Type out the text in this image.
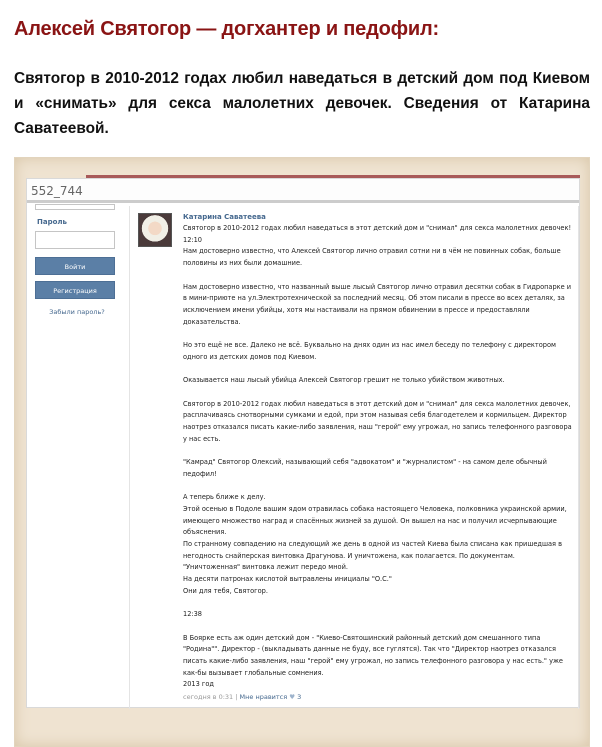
Алексей Святогор — догхантер и педофил:

Святогор в 2010-2012 годах любил наведаться в детский дом под Киевом и «снимать» для секса малолетних девочек. Сведения от Катарина Саватеевой.

552_744
Пароль
Войти
Регистрация
Забыли пароль?
Катарина Саватеева

Святогор в 2010-2012 годах любил наведаться в этот детский дом и "снимал" для секса малолетних девочек!
12:10
Нам достоверно известно, что Алексей Святогор лично отравил сотни ни в чём не повинных собак, больше половины из них были домашние.

Нам достоверно известно, что названный выше лысый Святогор лично отравил десятки собак в Гидропарке и в мини-приюте на ул.Электротехнической за последний месяц. Об этом писали в прессе во всех деталях, за исключением имени убийцы, хотя мы настаивали на прямом обвинении в прессе и предоставляли доказательства.

Но это ещё не все. Далеко не всё. Буквально на днях один из нас имел беседу по телефону с директором одного из детских домов под Киевом.

Оказывается наш лысый убийца Алексей Святогор грешит не только убийством животных.

Святогор в 2010-2012 годах любил наведаться в этот детский дом и "снимал" для секса малолетних девочек, расплачиваясь снотворными сумками и едой, при этом называя себя благодетелем и кормильцем. Директор наотрез отказался писать какие-либо заявления, наш "герой" ему угрожал, но запись телефонного разговора у нас есть.

"Камрад" Святогор Олексий, называющий себя "адвокатом" и "журналистом" - на самом деле обычный педофил!

А теперь ближе к делу.
Этой осенью в Подоле вашим ядом отравилась собака настоящего Человека, полковника украинской армии, имеющего множество наград и спасённых жизней за душой. Он вышел на нас и получил исчерпывающие объяснения.
По странному совпадению на следующий же день в одной из частей Киева была списана как пришедшая в негодность снайперская винтовка Драгунова. И уничтожена, как полагается. По документам.
"Уничтоженная" винтовка лежит передо мной.
На десяти патронах кислотой вытравлены инициалы "О.С."
Они для тебя, Святогор.

12:38

В Боярке есть аж один детский дом - "Киево-Святошинский районный детский дом смешанного типа "Родина"". Директор - (выкладывать данные не буду, все гуглятся). Так что "Директор наотрез отказался писать какие-либо заявления, наш "герой" ему угрожал, но запись телефонного разговора у нас есть." уже как-бы вызывает глобальные сомнения.
2013 год

сегодня в 0:31 | Мне нравится ♥ 3
